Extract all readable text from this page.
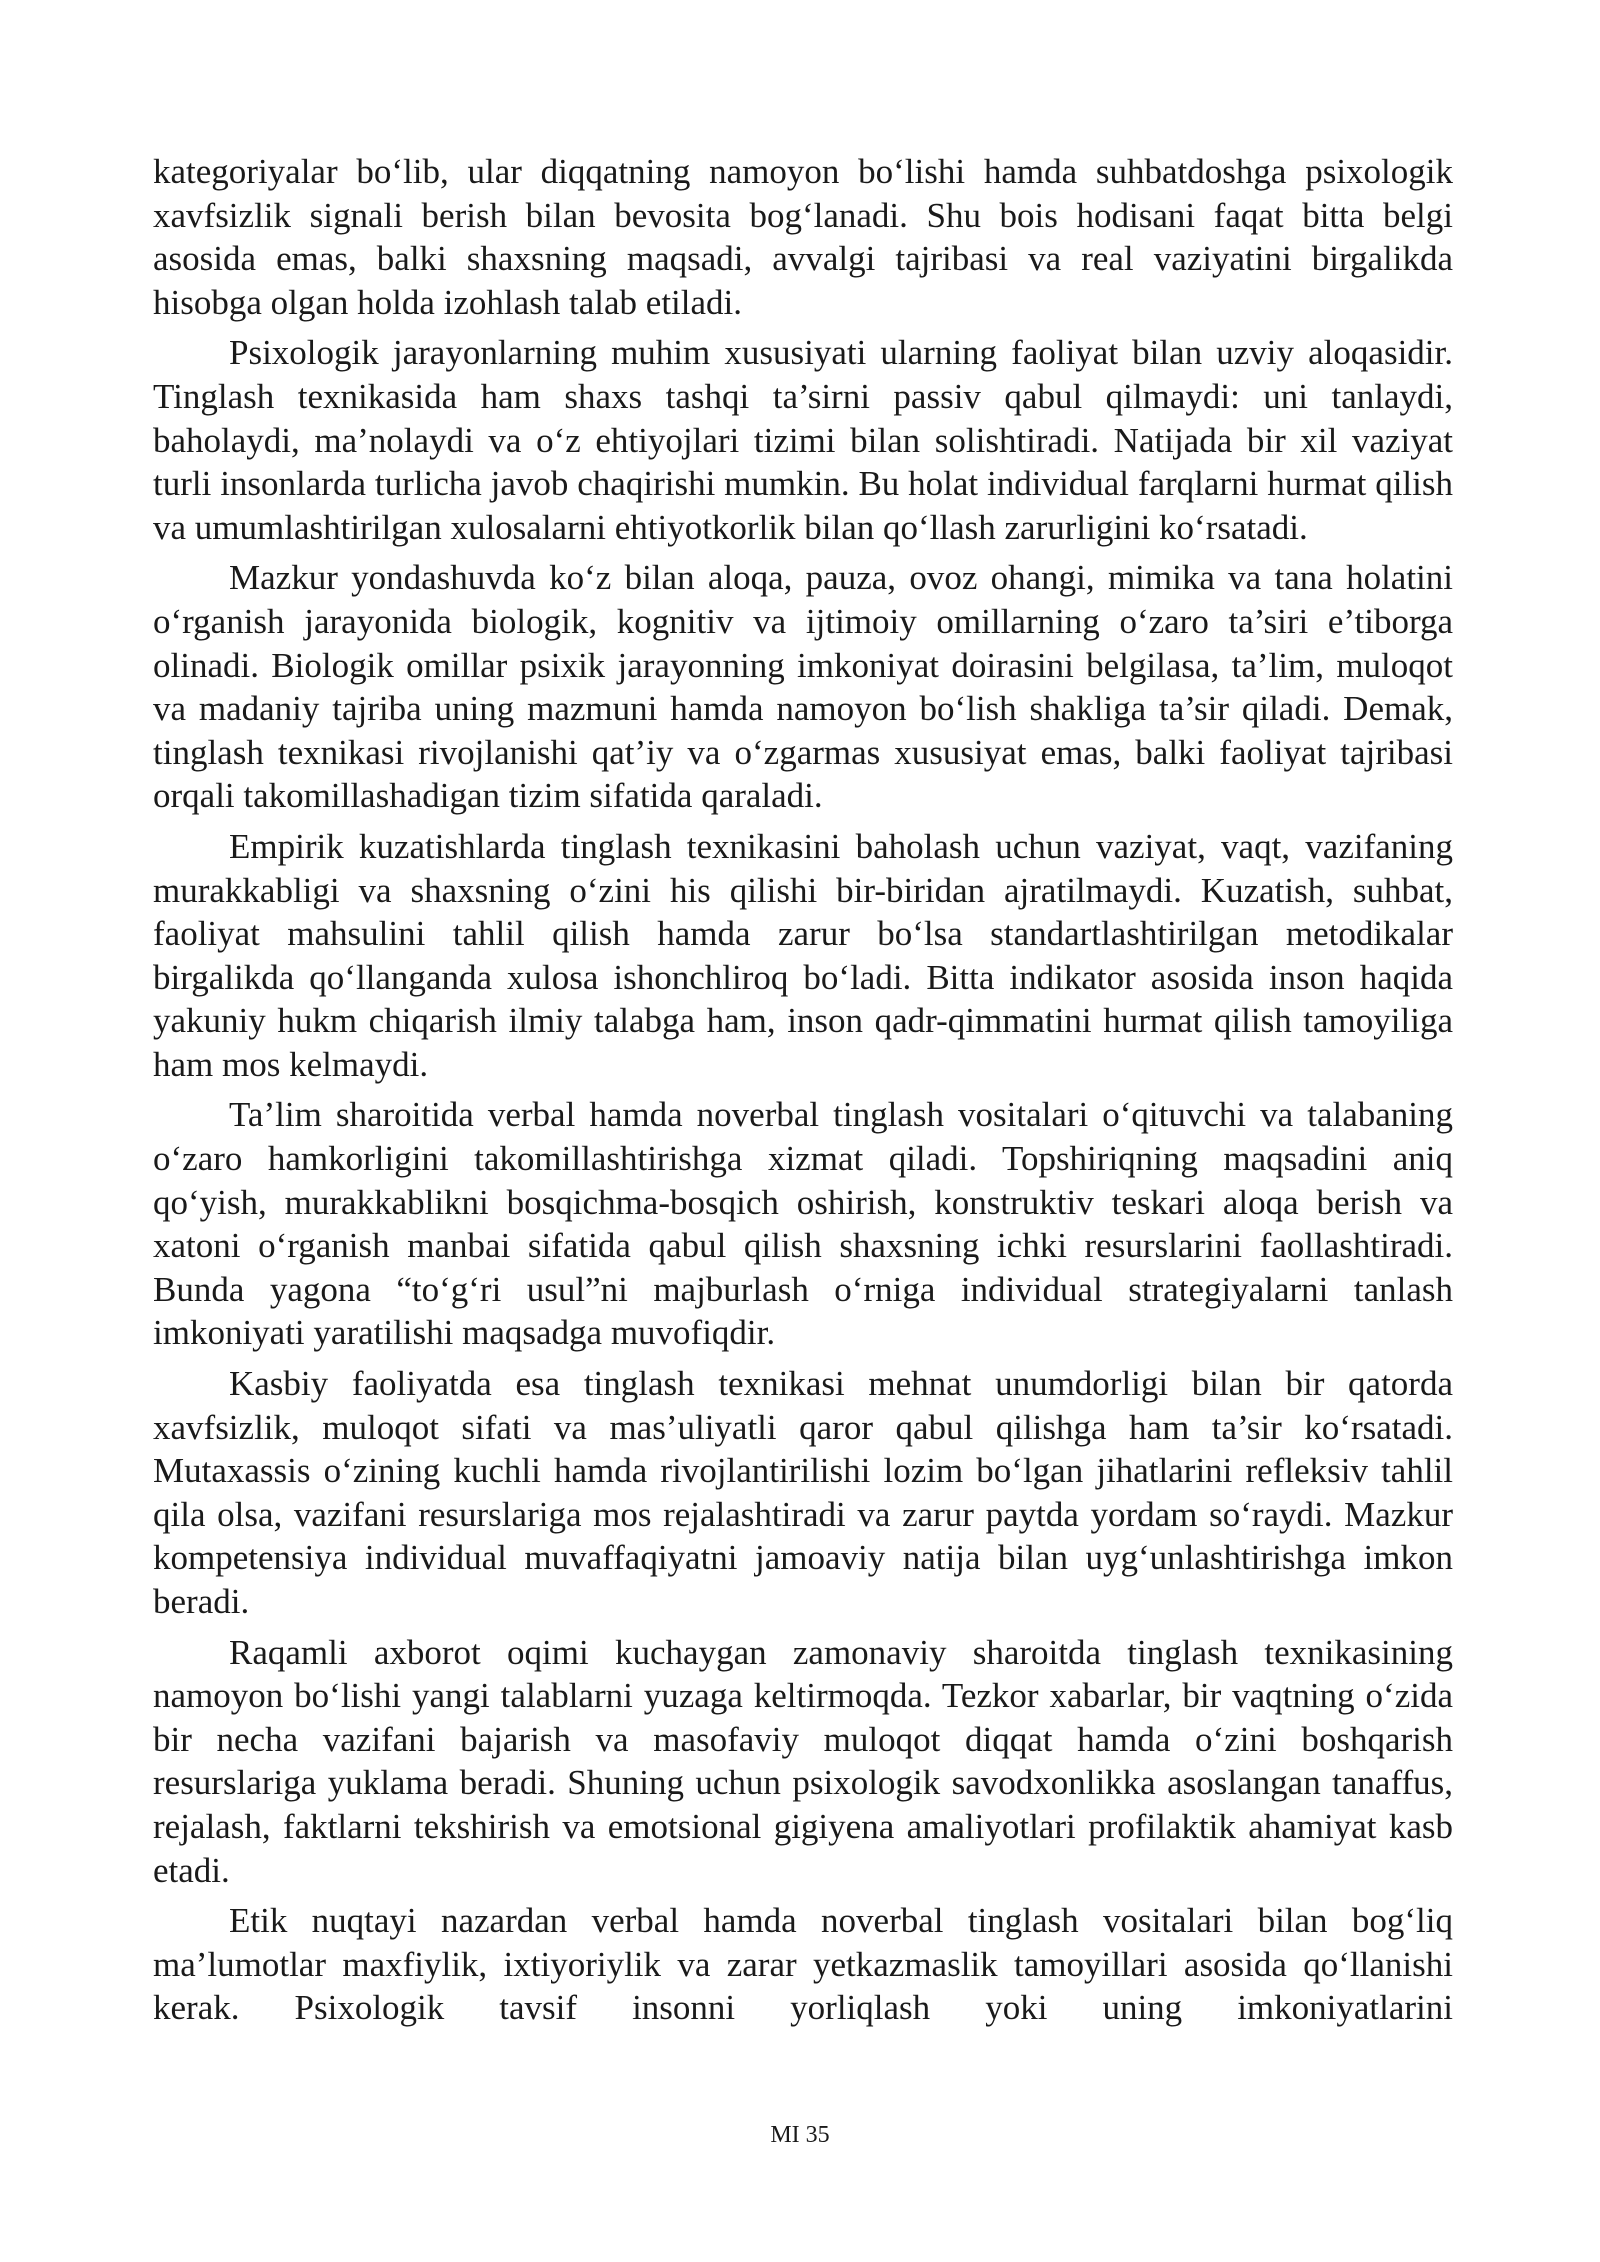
kategoriyalar bo‘lib, ular diqqatning namoyon bo‘lishi hamda suhbatdoshga psixologik xavfsizlik signali berish bilan bevosita bog‘lanadi. Shu bois hodisani faqat bitta belgi asosida emas, balki shaxsning maqsadi, avvalgi tajribasi va real vaziyatini birgalikda hisobga olgan holda izohlash talab etiladi.

Psixologik jarayonlarning muhim xususiyati ularning faoliyat bilan uzviy aloqasidir. Tinglash texnikasida ham shaxs tashqi ta’sirni passiv qabul qilmaydi: uni tanlaydi, baholaydi, ma’nolaydi va o‘z ehtiyojlari tizimi bilan solishtiradi. Natijada bir xil vaziyat turli insonlarda turlicha javob chaqirishi mumkin. Bu holat individual farqlarni hurmat qilish va umumlashtirilgan xulosalarni ehtiyotkorlik bilan qo‘llash zarurligini ko‘rsatadi.

Mazkur yondashuvda ko‘z bilan aloqa, pauza, ovoz ohangi, mimika va tana holatini o‘rganish jarayonida biologik, kognitiv va ijtimoiy omillarning o‘zaro ta’siri e’tiborga olinadi. Biologik omillar psixik jarayonning imkoniyat doirasini belgilasa, ta’lim, muloqot va madaniy tajriba uning mazmuni hamda namoyon bo‘lish shakliga ta’sir qiladi. Demak, tinglash texnikasi rivojlanishi qat’iy va o‘zgarmas xususiyat emas, balki faoliyat tajribasi orqali takomillashadigan tizim sifatida qaraladi.

Empirik kuzatishlarda tinglash texnikasini baholash uchun vaziyat, vaqt, vazifaning murakkabligi va shaxsning o‘zini his qilishi bir-biridan ajratilmaydi. Kuzatish, suhbat, faoliyat mahsulini tahlil qilish hamda zarur bo‘lsa standartlashtirilgan metodikalar birgalikda qo‘llanganda xulosa ishonchliroq bo‘ladi. Bitta indikator asosida inson haqida yakuniy hukm chiqarish ilmiy talabga ham, inson qadr-qimmatini hurmat qilish tamoyiliga ham mos kelmaydi.

Ta’lim sharoitida verbal hamda noverbal tinglash vositalari o‘qituvchi va talabaning o‘zaro hamkorligini takomillashtirishga xizmat qiladi. Topshiriqning maqsadini aniq qo‘yish, murakkablikni bosqichma-bosqich oshirish, konstruktiv teskari aloqa berish va xatoni o‘rganish manbai sifatida qabul qilish shaxsning ichki resurslarini faollashtiradi. Bunda yagona “to‘g‘ri usul”ni majburlash o‘rniga individual strategiyalarni tanlash imkoniyati yaratilishi maqsadga muvofiqdir.

Kasbiy faoliyatda esa tinglash texnikasi mehnat unumdorligi bilan bir qatorda xavfsizlik, muloqot sifati va mas’uliyatli qaror qabul qilishga ham ta’sir ko‘rsatadi. Mutaxassis o‘zining kuchli hamda rivojlantirilishi lozim bo‘lgan jihatlarini refleksiv tahlil qila olsa, vazifani resurslariga mos rejalashtiradi va zarur paytda yordam so‘raydi. Mazkur kompetensiya individual muvaffaqiyatni jamoaviy natija bilan uyg‘unlashtirishga imkon beradi.

Raqamli axborot oqimi kuchaygan zamonaviy sharoitda tinglash texnikasining namoyon bo‘lishi yangi talablarni yuzaga keltirmoqda. Tezkor xabarlar, bir vaqtning o‘zida bir necha vazifani bajarish va masofaviy muloqot diqqat hamda o‘zini boshqarish resurslariga yuklama beradi. Shuning uchun psixologik savodxonlikka asoslangan tanaffus, rejalash, faktlarni tekshirish va emotsional gigiyena amaliyotlari profilaktik ahamiyat kasb etadi.

Etik nuqtayi nazardan verbal hamda noverbal tinglash vositalari bilan bog‘liq ma’lumotlar maxfiylik, ixtiyoriylik va zarar yetkazmaslik tamoyillari asosida qo‘llanishi kerak. Psixologik tavsif insonni yorliqlash yoki uning imkoniyatlarini

MI 35
